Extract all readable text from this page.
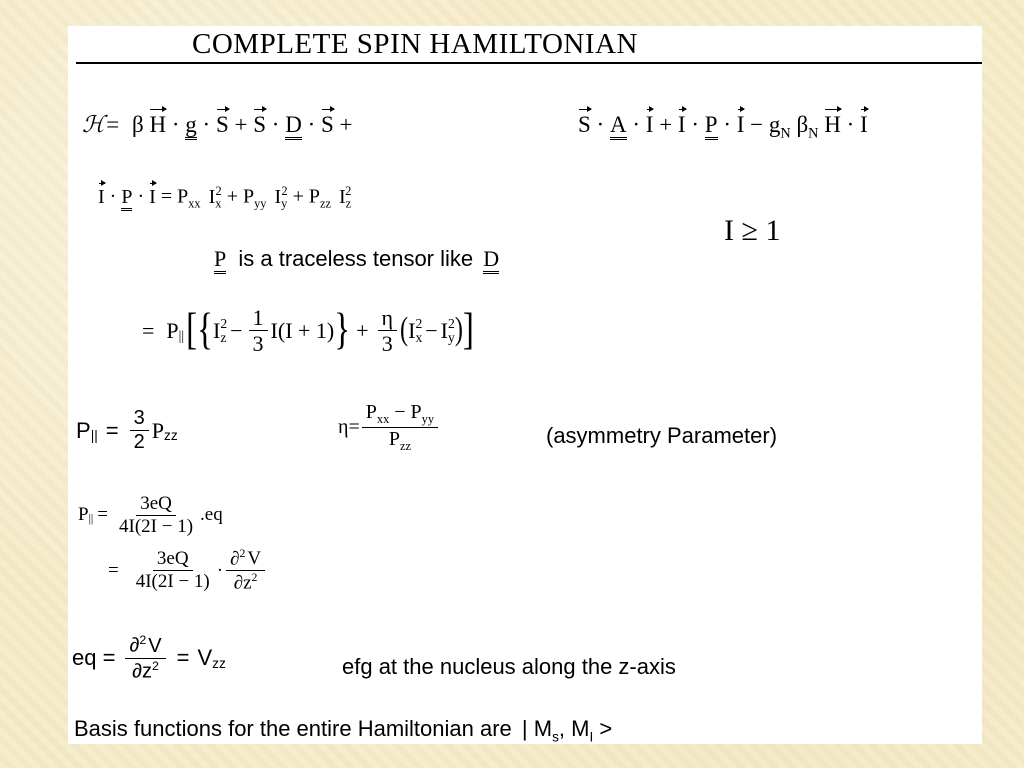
COMPLETE SPIN HAMILTONIAN
ℋ= β H · g · S + S · D · S +	$S \cdot A \cdot I + I \cdot P \cdot I - g_N$ $\beta_N$ H · I
$I \cdot P \cdot I = P_{xx}$ $I_x^2 + P_{yy}$ $I_y^2 + P_{zz}$ $I_z^2$
I ≥ 1
P is a traceless tensor like D
= $P_{||}$ [ { I 2
$z - \frac{1}{3} I(I + 1)$ } + $\frac{\eta}{3}$ ( I 2
x − I 2
y ) ]
$P_{||} = \frac{3}{2} P_{zz}$	$\eta= \frac{P_{xx} - P_{yy}}{P_{zz}}$	(asymmetry Parameter)
$P_{||} = \frac{3eQ}{4I(2I - 1)} .eq$
= $\frac{3eQ}{4I(2I - 1)} \cdot \frac{\partial^2 V}{\partial z^2}$
eq = $\frac{\partial^2 V}{\partial z^2} = V_{zz}$	efg at the nucleus along the z-axis
Basis functions for the entire Hamiltonian are | $M_s$, $M_I$ >
